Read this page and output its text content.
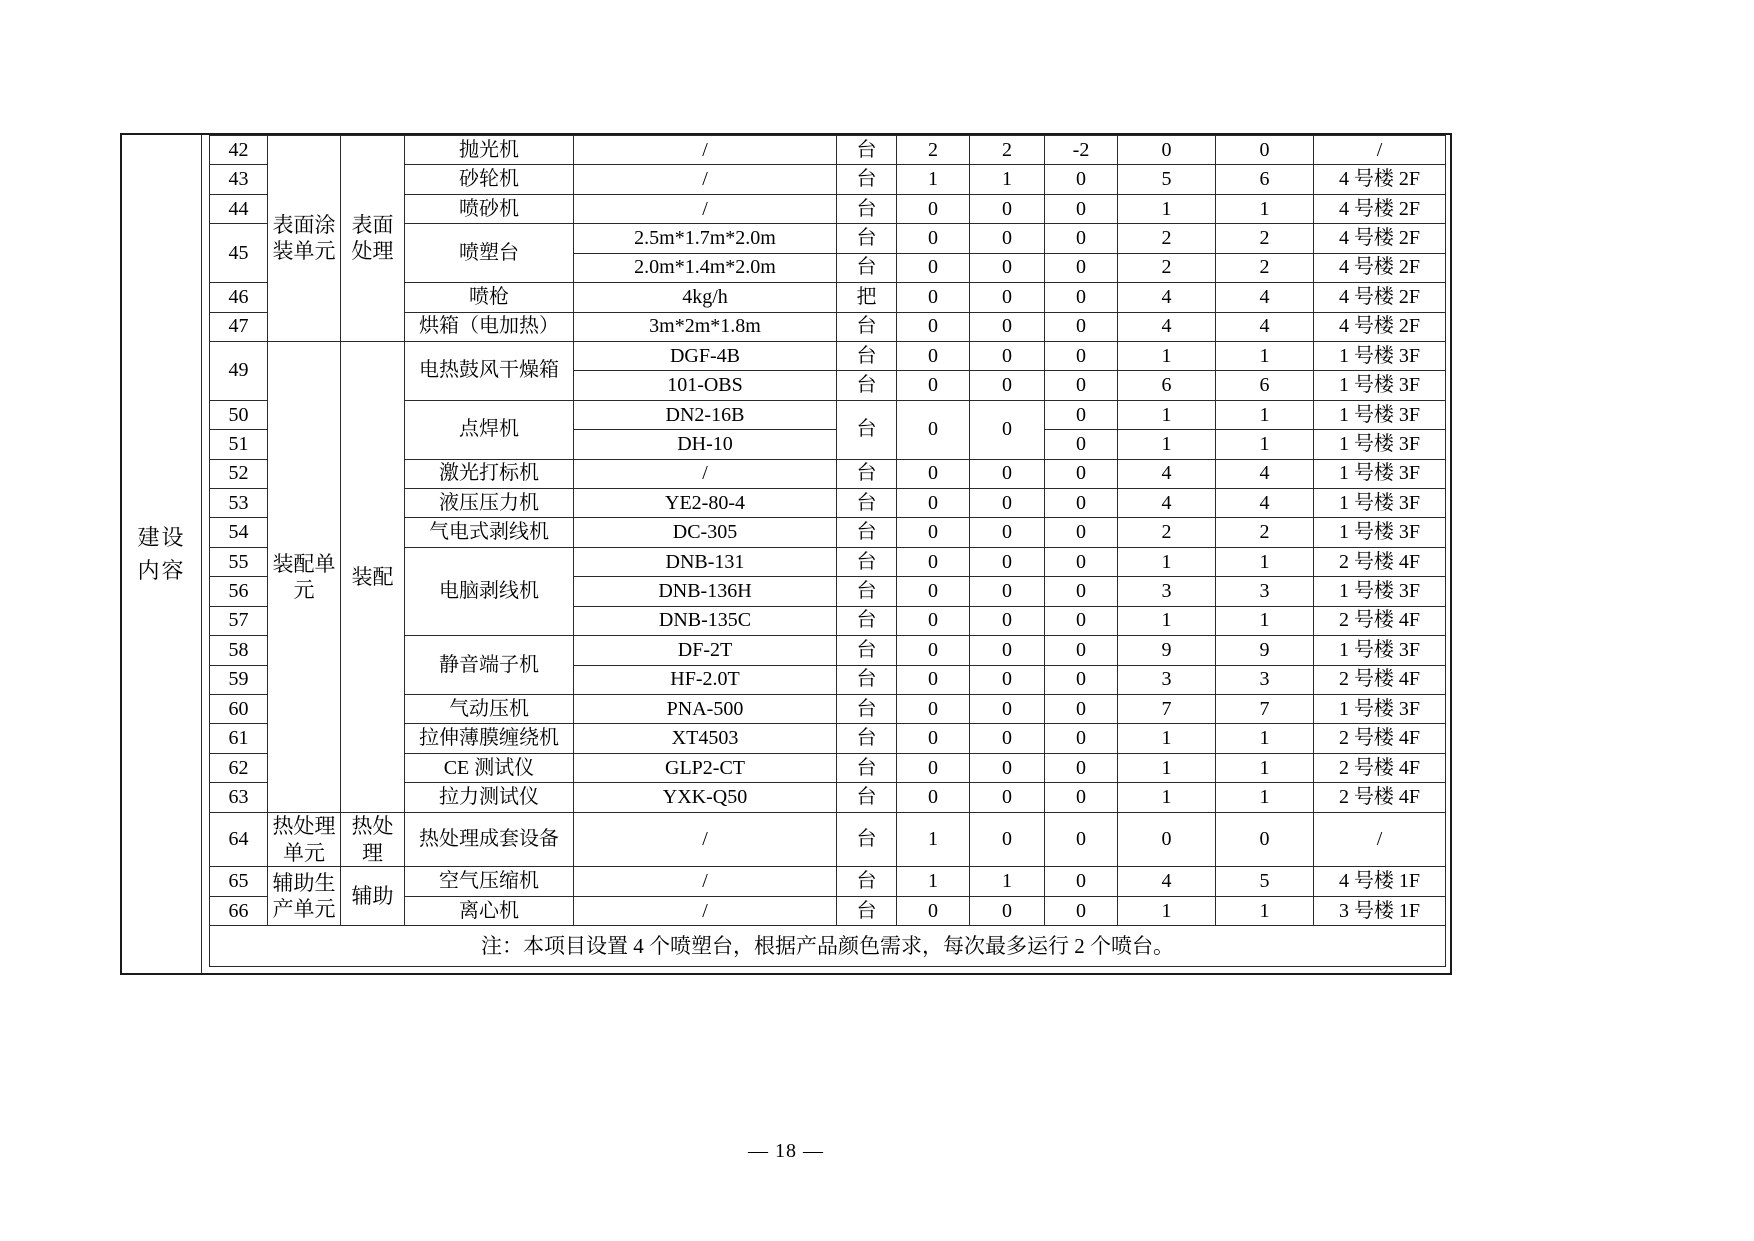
建设内容
42	表面涂装单元	表面处理	抛光机	/	台	2	2	-2	0	0	/
43			砂轮机	/	台	1	1	0	5	6	4 号楼 2F
44			喷砂机	/	台	0	0	0	1	1	4 号楼 2F
45			喷塑台	2.5m*1.7m*2.0m	台	0	0	0	2	2	4 号楼 2F
				2.0m*1.4m*2.0m	台	0	0	0	2	2	4 号楼 2F
46			喷枪	4kg/h	把	0	0	0	4	4	4 号楼 2F
47			烘箱（电加热）	3m*2m*1.8m	台	0	0	0	4	4	4 号楼 2F
49	装配单元	装配	电热鼓风干燥箱	DGF-4B	台	0	0	0	1	1	1 号楼 3F
				101-OBS	台	0	0	0	6	6	1 号楼 3F
50			点焊机	DN2-16B	台	0	0	0	1	1	1 号楼 3F
51				DH-10				0	1	1	1 号楼 3F
52			激光打标机	/	台	0	0	0	4	4	1 号楼 3F
53			液压压力机	YE2-80-4	台	0	0	0	4	4	1 号楼 3F
54			气电式剥线机	DC-305	台	0	0	0	2	2	1 号楼 3F
55			电脑剥线机	DNB-131	台	0	0	0	1	1	2 号楼 4F
56				DNB-136H	台	0	0	0	3	3	1 号楼 3F
57				DNB-135C	台	0	0	0	1	1	2 号楼 4F
58			静音端子机	DF-2T	台	0	0	0	9	9	1 号楼 3F
59				HF-2.0T	台	0	0	0	3	3	2 号楼 4F
60			气动压机	PNA-500	台	0	0	0	7	7	1 号楼 3F
61			拉伸薄膜缠绕机	XT4503	台	0	0	0	1	1	2 号楼 4F
62			CE 测试仪	GLP2-CT	台	0	0	0	1	1	2 号楼 4F
63			拉力测试仪	YXK-Q50	台	0	0	0	1	1	2 号楼 4F
64	热处理单元	热处理	热处理成套设备	/	台	1	0	0	0	0	/
65	辅助生产单元	辅助	空气压缩机	/	台	1	1	0	4	5	4 号楼 1F
66			离心机	/	台	0	0	0	1	1	3 号楼 1F
注：本项目设置 4 个喷塑台，根据产品颜色需求，每次最多运行 2 个喷台。											
— 18 —
